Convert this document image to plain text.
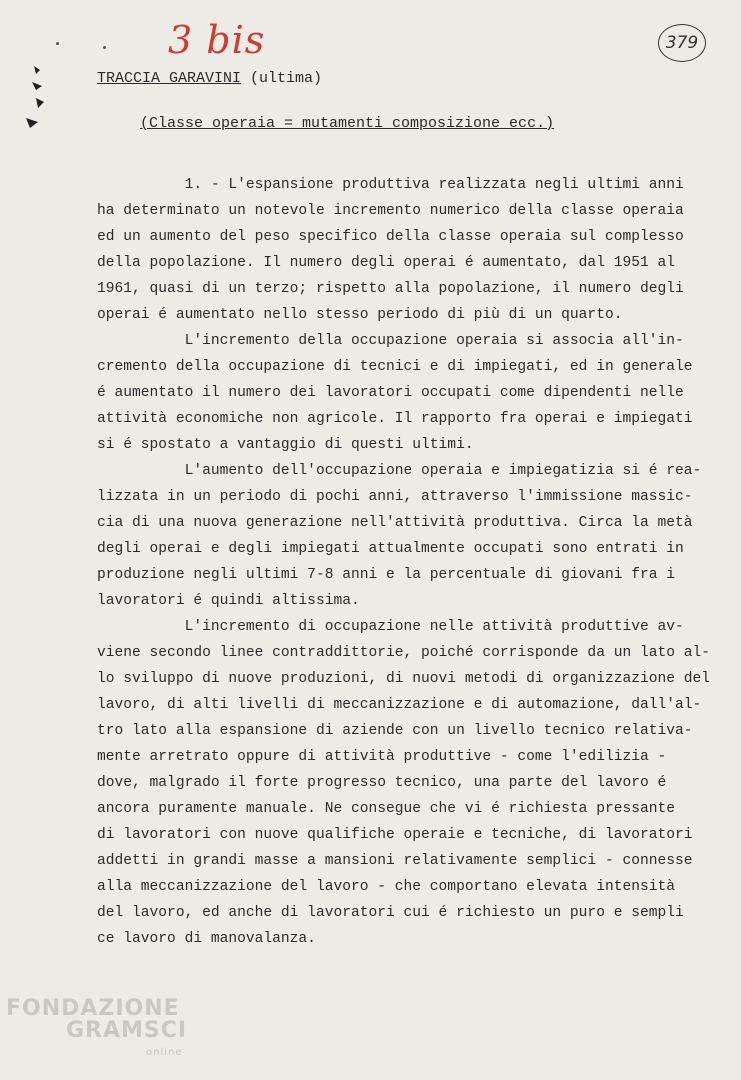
3 bis	379
TRACCIA GARAVINI (ultima)
(Classe operaia = mutamenti composizione ecc.)
1. - L'espansione produttiva realizzata negli ultimi anni
ha determinato un notevole incremento numerico della classe operaia
ed un aumento del peso specifico della classe operaia sul complesso
della popolazione. Il numero degli operai é aumentato, dal 1951 al
1961, quasi di un terzo; rispetto alla popolazione, il numero degli
operai é aumentato nello stesso periodo di più di un quarto.
L'incremento della occupazione operaia si associa all'in-
cremento della occupazione di tecnici e di impiegati, ed in generale
é aumentato il numero dei lavoratori occupati come dipendenti nelle
attività economiche non agricole. Il rapporto fra operai e impiegati
si é spostato a vantaggio di questi ultimi.
L'aumento dell'occupazione operaia e impiegatizia si é rea-
lizzata in un periodo di pochi anni, attraverso l'immissione massic-
cia di una nuova generazione nell'attività produttiva. Circa la metà
degli operai e degli impiegati attualmente occupati sono entrati in
produzione negli ultimi 7-8 anni e la percentuale di giovani fra i
lavoratori é quindi altissima.
L'incremento di occupazione nelle attività produttive av-
viene secondo linee contraddittorie, poiché corrisponde da un lato al-
lo sviluppo di nuove produzioni, di nuovi metodi di organizzazione del
lavoro, di alti livelli di meccanizzazione e di automazione, dall'al-
tro lato alla espansione di aziende con un livello tecnico relativa-
mente arretrato oppure di attività produttive - come l'edilizia -
dove, malgrado il forte progresso tecnico, una parte del lavoro é
ancora puramente manuale. Ne consegue che vi é richiesta pressante
di lavoratori con nuove qualifiche operaie e tecniche, di lavoratori
addetti in grandi masse a mansioni relativamente semplici - connesse
alla meccanizzazione del lavoro - che comportano elevata intensità
del lavoro, ed anche di lavoratori cui é richiesto un puro e sempli
ce lavoro di manovalanza.
FONDAZIONE
GRAMSCI
online
